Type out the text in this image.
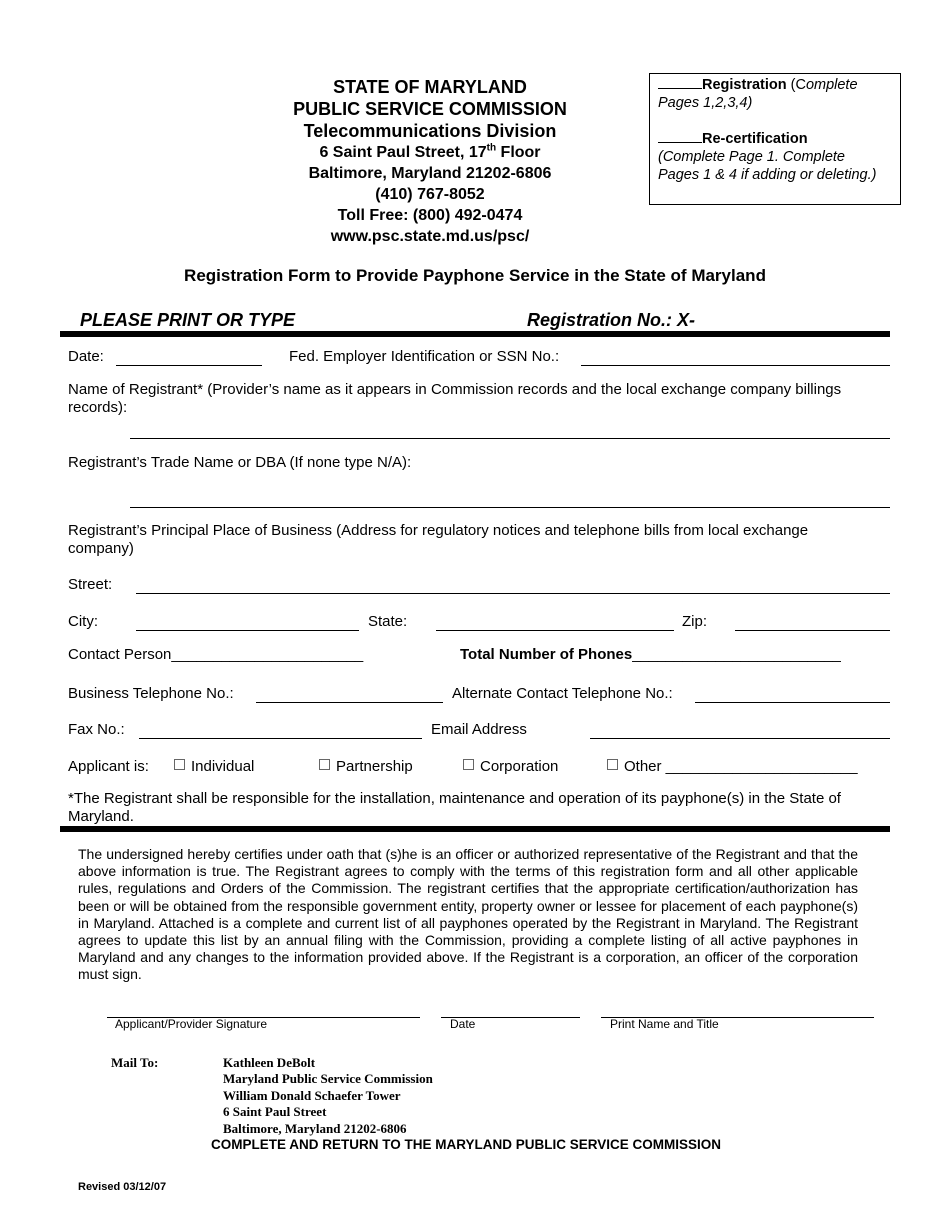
STATE OF MARYLAND
PUBLIC SERVICE COMMISSION
Telecommunications Division
6 Saint Paul Street, 17th Floor
Baltimore, Maryland 21202-6806
(410) 767-8052
Toll Free: (800) 492-0474
www.psc.state.md.us/psc/
Registration (Complete
Pages 1,2,3,4)
Re-certification
(Complete Page 1. Complete
Pages 1 & 4 if adding or deleting.)
Registration Form to Provide Payphone Service in the State of Maryland
PLEASE PRINT OR TYPE	Registration No.: X-
Date:	Fed. Employer Identification or SSN No.:
Name of Registrant* (Provider’s name as it appears in Commission records and the local exchange company billings records):
Registrant’s Trade Name or DBA (If none type N/A):
Registrant’s Principal Place of Business (Address for regulatory notices and telephone bills from local exchange company)
Street:
City:	State:	Zip:
Contact Person_______________________	Total Number of Phones_________________________
Business Telephone No.:	Alternate Contact Telephone No.:
Fax No.:	Email Address
Applicant is:	Individual	Partnership	Corporation	Other _______________________
*The Registrant shall be responsible for the installation, maintenance and operation of its payphone(s) in the State of Maryland.
The undersigned hereby certifies under oath that (s)he is an officer or authorized representative of the Registrant and that the above information is true. The Registrant agrees to comply with the terms of this registration form and all other applicable rules, regulations and Orders of the Commission. The registrant certifies that the appropriate certification/authorization has been or will be obtained from the responsible government entity, property owner or lessee for placement of each payphone(s) in Maryland. Attached is a complete and current list of all payphones operated by the Registrant in Maryland. The Registrant agrees to update this list by an annual filing with the Commission, providing a complete listing of all active payphones in Maryland and any changes to the information provided above. If the Registrant is a corporation, an officer of the corporation must sign.
Applicant/Provider Signature	Date	Print Name and Title
Mail To:	Kathleen DeBolt
Maryland Public Service Commission
William Donald Schaefer Tower
6 Saint Paul Street
Baltimore, Maryland 21202-6806
COMPLETE AND RETURN TO THE MARYLAND PUBLIC SERVICE COMMISSION
Revised 03/12/07
